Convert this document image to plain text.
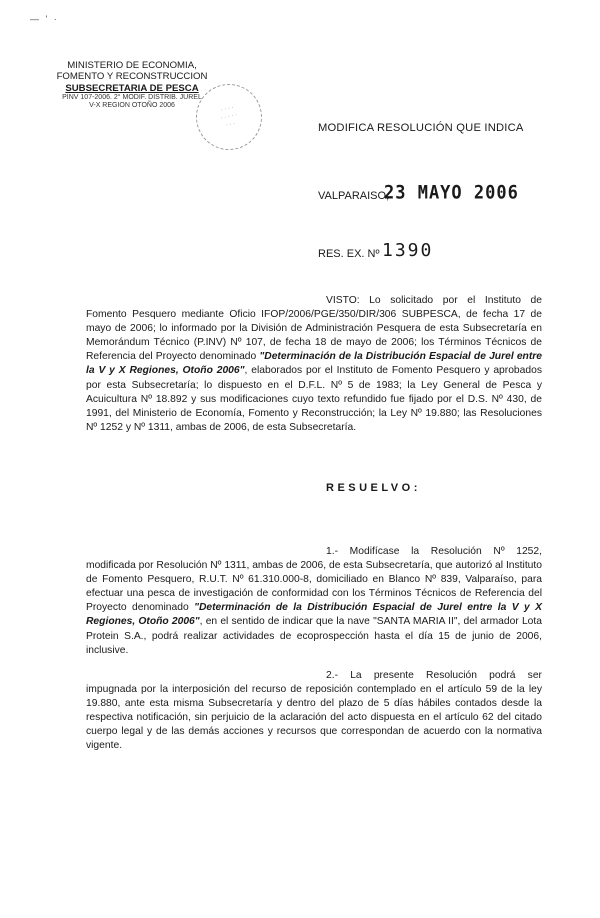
— ' ·
MINISTERIO DE ECONOMIA,
FOMENTO Y RECONSTRUCCION
SUBSECRETARIA DE PESCA
PINV 107-2006. 2° MODIF. DISTRIB. JUREL
V-X REGION OTOÑO 2006	· · · ·
· · · · ·
· · ·	MODIFICA RESOLUCIÓN QUE INDICA
VALPARAISO,
23 MAYO 2006
RES. EX. Nº 1390

VISTO: Lo solicitado por el Instituto de Fomento Pesquero mediante Oficio IFOP/2006/PGE/350/DIR/306 SUBPESCA, de fecha 17 de mayo de 2006; lo informado por la División de Administración Pesquera de esta Subsecretaría en Memorándum Técnico (P.INV) Nº 107, de fecha 18 de mayo de 2006; los Términos Técnicos de Referencia del Proyecto denominado "Determinación de la Distribución Espacial de Jurel entre la V y X Regiones, Otoño 2006", elaborados por el Instituto de Fomento Pesquero y aprobados por esta Subsecretaría; lo dispuesto en el D.F.L. Nº 5 de 1983; la Ley General de Pesca y Acuicultura Nº 18.892 y sus modificaciones cuyo texto refundido fue fijado por el D.S. Nº 430, de 1991, del Ministerio de Economía, Fomento y Reconstrucción; la Ley Nº 19.880; las Resoluciones Nº 1252 y Nº 1311, ambas de 2006, de esta Subsecretaría.

RESUELVO:

1.- Modifícase la Resolución Nº 1252, modificada por Resolución Nº 1311, ambas de 2006, de esta Subsecretaría, que autorizó al Instituto de Fomento Pesquero, R.U.T. Nº 61.310.000-8, domiciliado en Blanco Nº 839, Valparaíso, para efectuar una pesca de investigación de conformidad con los Términos Técnicos de Referencia del Proyecto denominado "Determinación de la Distribución Espacial de Jurel entre la V y X Regiones, Otoño 2006", en el sentido de indicar que la nave "SANTA MARIA II", del armador Lota Protein S.A., podrá realizar actividades de ecoprospección hasta el día 15 de junio de 2006, inclusive.

2.- La presente Resolución podrá ser impugnada por la interposición del recurso de reposición contemplado en el artículo 59 de la ley 19.880, ante esta misma Subsecretaría y dentro del plazo de 5 días hábiles contados desde la respectiva notificación, sin perjuicio de la aclaración del acto dispuesta en el artículo 62 del citado cuerpo legal y de las demás acciones y recursos que correspondan de acuerdo con la normativa vigente.
